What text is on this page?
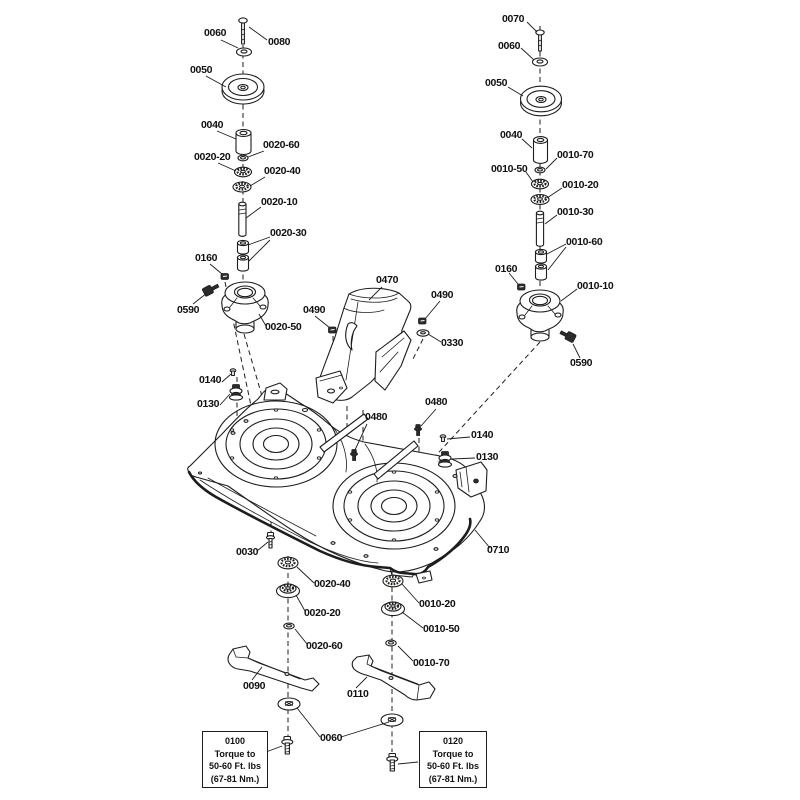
0060
0080
0050
0040
0020-60
0020-20
0020-40
0020-10
0020-30
0160
0590
0020-50
0470
0490
0490
0330
0070
0060
0050
0040
0010-70
0010-50
0010-20
0010-30
0010-60
0160
0010-10
0590
0140
0130
0480
0480
0140
0130
0030	0710
0020-40
0020-20
0020-60
0010-20
0010-50
0010-70
0090
0110
0060
0100
Torque to
50-60 Ft. lbs
(67-81 Nm.)
0120
Torque to
50-60 Ft. lbs
(67-81 Nm.)
